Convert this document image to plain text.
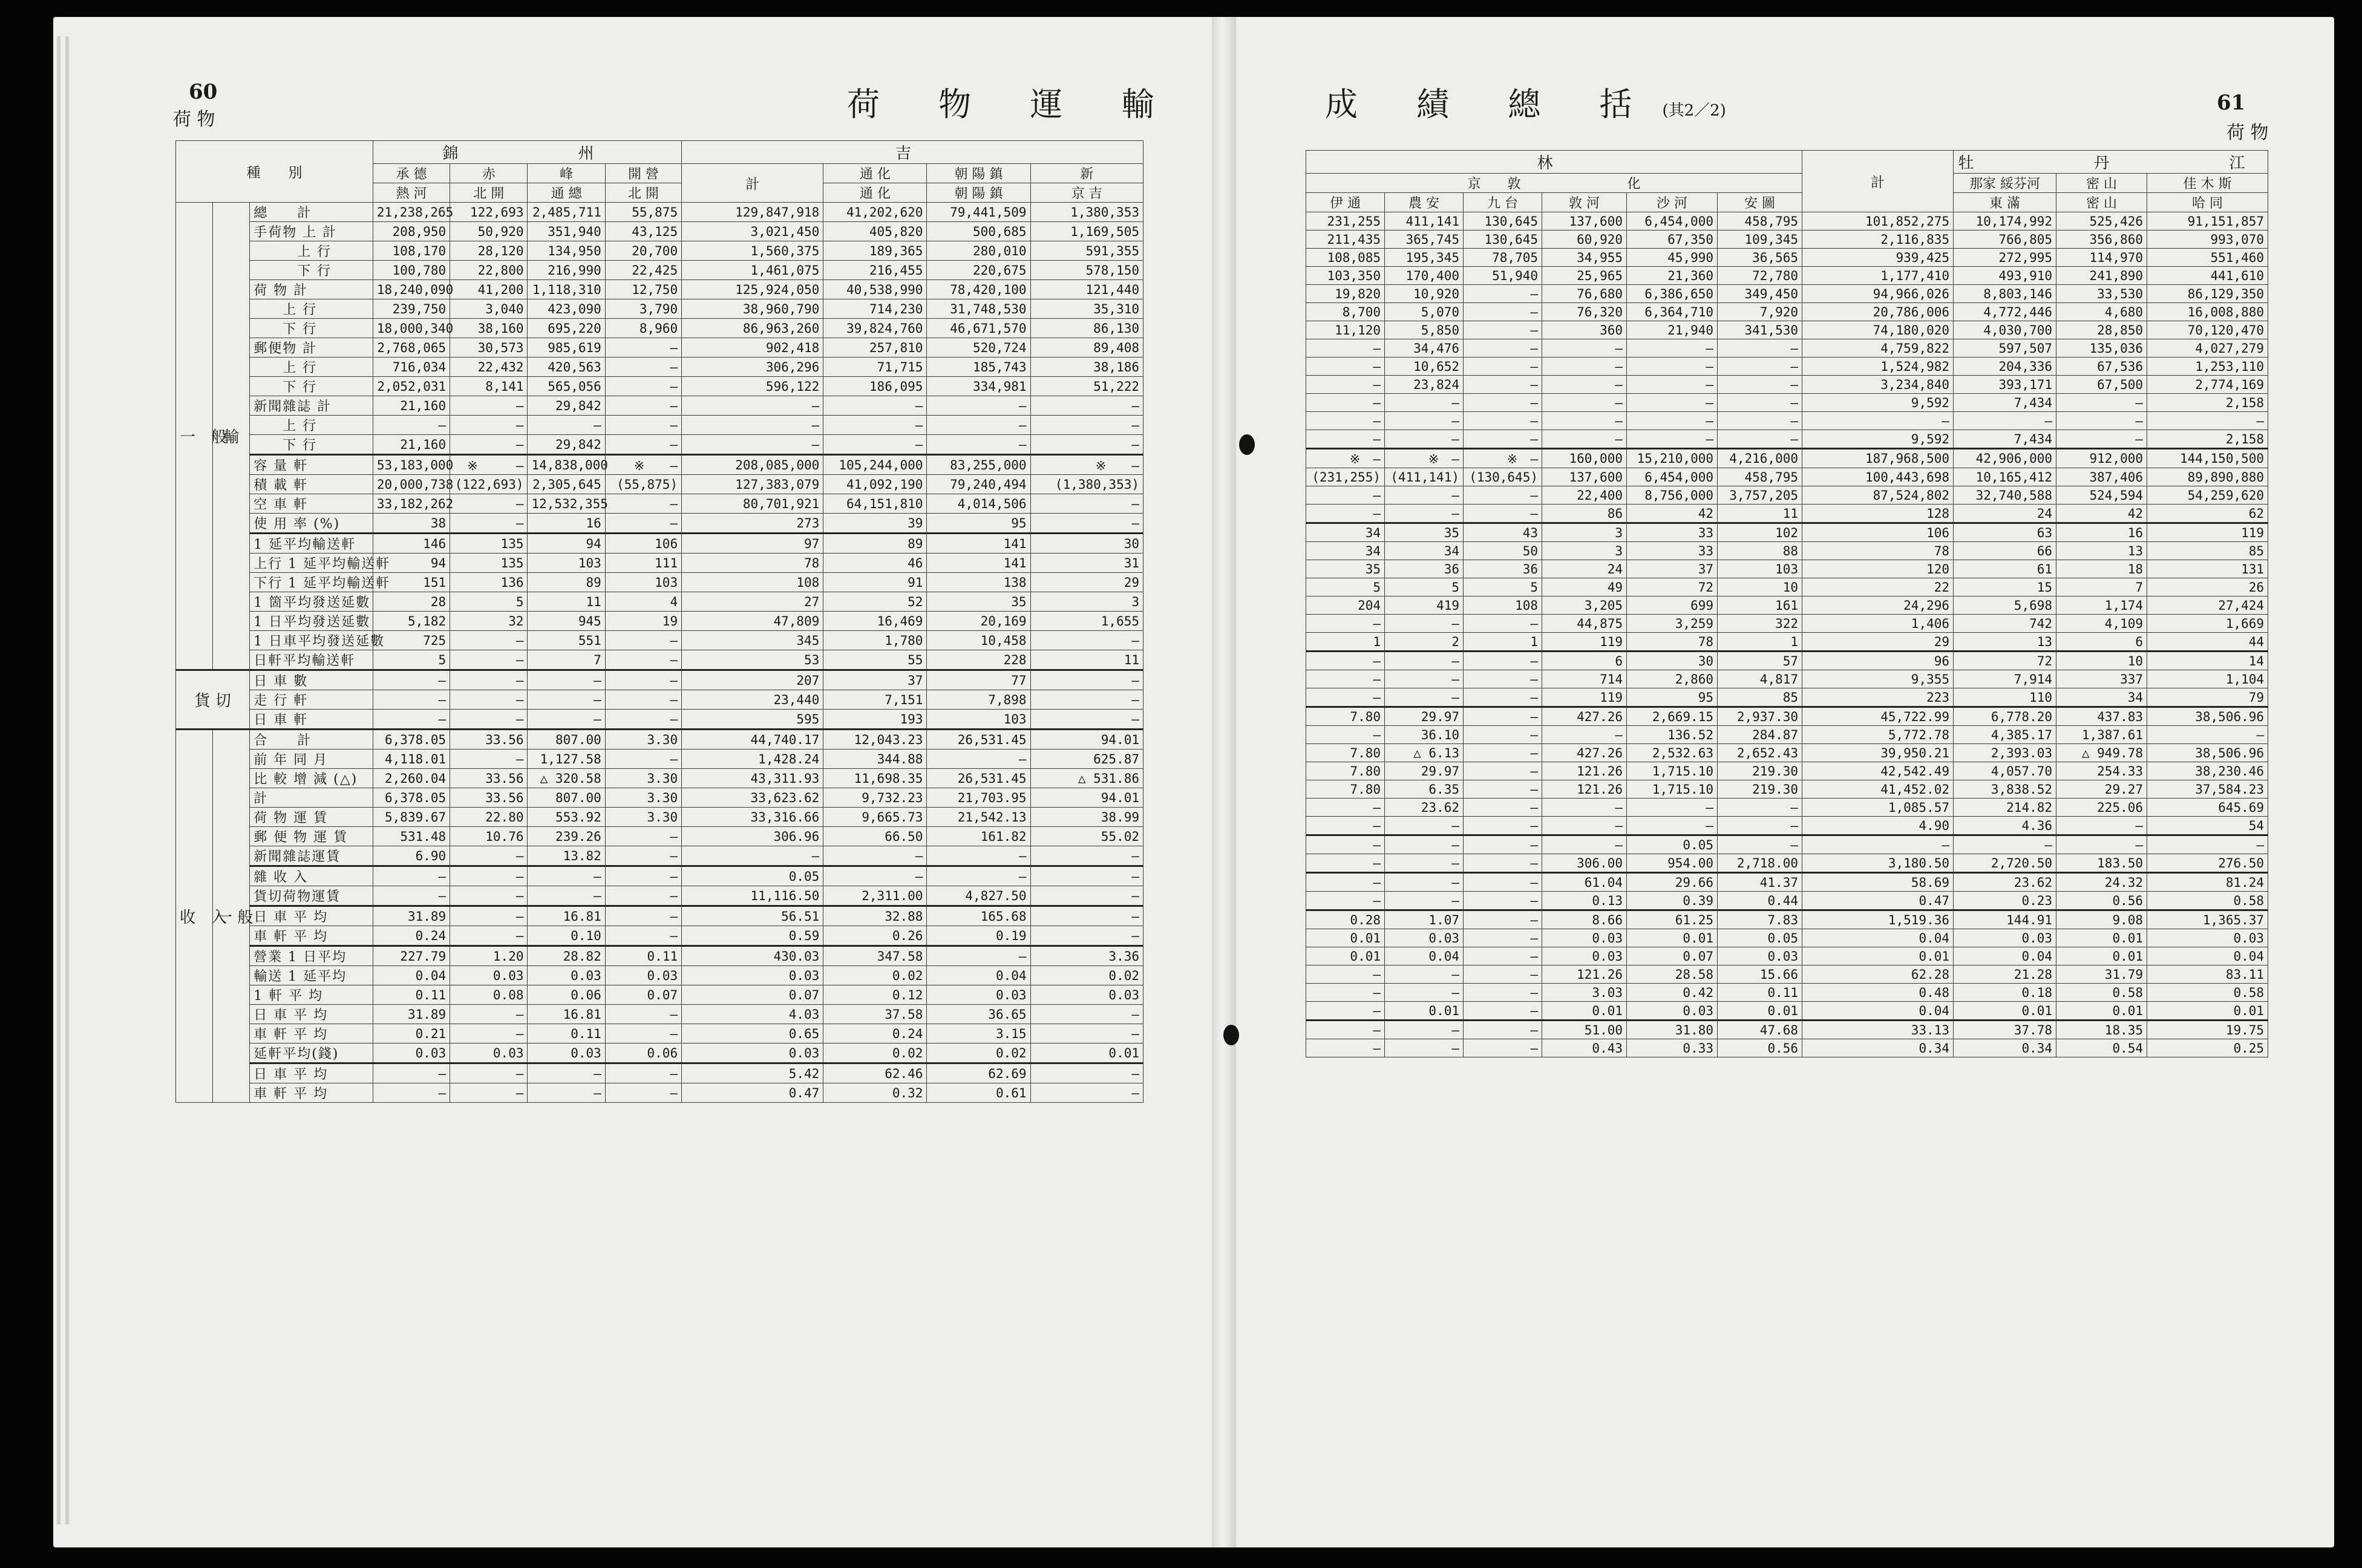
60
荷 物	荷 物 運 輸	成 績 總 括 (其2／2)	61
荷 物
種　　別			錦　　　州				吉			
			承 德	赤	峰	開 營	計	通 化	朝 陽 鎮	新
			熱 河	北 開	通 總	北 開		通 化	朝 陽 鎮	京 吉
一　般	輸	總　　計	21,238,265	122,693	2,485,711	55,875	129,847,918	41,202,620	79,441,509	1,380,353
		手荷物 上 計	208,950	50,920	351,940	43,125	3,021,450	405,820	500,685	1,169,505
		　　　上 行	108,170	28,120	134,950	20,700	1,560,375	189,365	280,010	591,355
		　　　下 行	100,780	22,800	216,990	22,425	1,461,075	216,455	220,675	578,150
		荷 物 計	18,240,090	41,200	1,118,310	12,750	125,924,050	40,538,990	78,420,100	121,440
		　　上 行	239,750	3,040	423,090	3,790	38,960,790	714,230	31,748,530	35,310
		　　下 行	18,000,340	38,160	695,220	8,960	86,963,260	39,824,760	46,671,570	86,130
		郵便物 計	2,768,065	30,573	985,619	—	902,418	257,810	520,724	89,408
		　　上 行	716,034	22,432	420,563	—	306,296	71,715	185,743	38,186
		　　下 行	2,052,031	8,141	565,056	—	596,122	186,095	334,981	51,222
		新聞雜誌 計	21,160	—	29,842	—	—	—	—	—
		　　上 行	—	—	—	—	—	—	—	—
		　　下 行	21,160	—	29,842	—	—	—	—	—
		容 量 軒	53,183,000	※　　　—	14,838,000	※　　—	208,085,000	105,244,000	83,255,000	※　　—
		積 載 軒	20,000,738	(122,693)	2,305,645	(55,875)	127,383,079	41,092,190	79,240,494	(1,380,353)
		空 車 軒	33,182,262	—	12,532,355	—	80,701,921	64,151,810	4,014,506	—
		使 用 率 (%)	38	—	16	—	273	39	95	—
		1 延平均輸送軒	146	135	94	106	97	89	141	30
		上行 1 延平均輸送軒	94	135	103	111	78	46	141	31
		下行 1 延平均輸送軒	151	136	89	103	108	91	138	29
		1 箇平均發送延數	28	5	11	4	27	52	35	3
		1 日平均發送延數	5,182	32	945	19	47,809	16,469	20,169	1,655
		1 日車平均發送延數	725	—	551	—	345	1,780	10,458	—
		日軒平均輸送軒	5	—	7	—	53	55	228	11
貨 切		日 車 數	—	—	—	—	207	37	77	—
		走 行 軒	—	—	—	—	23,440	7,151	7,898	—
		日 車 軒	—	—	—	—	595	193	103	—
收　入	一 般	合　　計	6,378.05	33.56	807.00	3.30	44,740.17	12,043.23	26,531.45	94.01
		前 年 同 月	4,118.01	—	1,127.58	—	1,428.24	344.88	—	625.87
		比 較 增 減 (△)	2,260.04	33.56	△ 320.58	3.30	43,311.93	11,698.35	26,531.45	△ 531.86
		計	6,378.05	33.56	807.00	3.30	33,623.62	9,732.23	21,703.95	94.01
		荷 物 運 賃	5,839.67	22.80	553.92	3.30	33,316.66	9,665.73	21,542.13	38.99
		郵 便 物 運 賃	531.48	10.76	239.26	—	306.96	66.50	161.82	55.02
		新聞雜誌運賃	6.90	—	13.82	—	—	—	—	—
		雜 收 入	—	—	—	—	0.05	—	—	—
		貨切荷物運賃	—	—	—	—	11,116.50	2,311.00	4,827.50	—
		日 車 平 均	31.89	—	16.81	—	56.51	32.88	165.68	—
		車 軒 平 均	0.24	—	0.10	—	0.59	0.26	0.19	—
		營業 1 日平均	227.79	1.20	28.82	0.11	430.03	347.58	—	3.36
		輸送 1 延平均	0.04	0.03	0.03	0.03	0.03	0.02	0.04	0.02
		1 軒 平 均	0.11	0.08	0.06	0.07	0.07	0.12	0.03	0.03
		日 車 平 均	31.89	—	16.81	—	4.03	37.58	36.65	—
		車 軒 平 均	0.21	—	0.11	—	0.65	0.24	3.15	—
		延軒平均(錢)	0.03	0.03	0.03	0.06	0.03	0.02	0.02	0.01
		日 車 平 均	—	—	—	—	5.42	62.46	62.69	—
		車 軒 平 均	—	—	—	—	0.47	0.32	0.61	—
林						計	牡　　　丹　　　江		
京　　敦　　　　　　　　化							那家 綏芬河	密 山	佳 木 斯
伊 通	農 安	九 台	敦 河	沙 河	安 圖		東 滿	密 山	哈 同
231,255	411,141	130,645	137,600	6,454,000	458,795	101,852,275	10,174,992	525,426	91,151,857
211,435	365,745	130,645	60,920	67,350	109,345	2,116,835	766,805	356,860	993,070
108,085	195,345	78,705	34,955	45,990	36,565	939,425	272,995	114,970	551,460
103,350	170,400	51,940	25,965	21,360	72,780	1,177,410	493,910	241,890	441,610
19,820	10,920	—	76,680	6,386,650	349,450	94,966,026	8,803,146	33,530	86,129,350
8,700	5,070	—	76,320	6,364,710	7,920	20,786,006	4,772,446	4,680	16,008,880
11,120	5,850	—	360	21,940	341,530	74,180,020	4,030,700	28,850	70,120,470
—	34,476	—	—	—	—	4,759,822	597,507	135,036	4,027,279
—	10,652	—	—	—	—	1,524,982	204,336	67,536	1,253,110
—	23,824	—	—	—	—	3,234,840	393,171	67,500	2,774,169
—	—	—	—	—	—	9,592	7,434	—	2,158
—	—	—	—	—	—	—	—	—	—
—	—	—	—	—	—	9,592	7,434	—	2,158
※　—	※　—	※　—	160,000	15,210,000	4,216,000	187,968,500	42,906,000	912,000	144,150,500
(231,255)	(411,141)	(130,645)	137,600	6,454,000	458,795	100,443,698	10,165,412	387,406	89,890,880
—	—	—	22,400	8,756,000	3,757,205	87,524,802	32,740,588	524,594	54,259,620
—	—	—	86	42	11	128	24	42	62
34	35	43	3	33	102	106	63	16	119
34	34	50	3	33	88	78	66	13	85
35	36	36	24	37	103	120	61	18	131
5	5	5	49	72	10	22	15	7	26
204	419	108	3,205	699	161	24,296	5,698	1,174	27,424
—	—	—	44,875	3,259	322	1,406	742	4,109	1,669
1	2	1	119	78	1	29	13	6	44
—	—	—	6	30	57	96	72	10	14
—	—	—	714	2,860	4,817	9,355	7,914	337	1,104
—	—	—	119	95	85	223	110	34	79
7.80	29.97	—	427.26	2,669.15	2,937.30	45,722.99	6,778.20	437.83	38,506.96
—	36.10	—	—	136.52	284.87	5,772.78	4,385.17	1,387.61	—
7.80	△ 6.13	—	427.26	2,532.63	2,652.43	39,950.21	2,393.03	△ 949.78	38,506.96
7.80	29.97	—	121.26	1,715.10	219.30	42,542.49	4,057.70	254.33	38,230.46
7.80	6.35	—	121.26	1,715.10	219.30	41,452.02	3,838.52	29.27	37,584.23
—	23.62	—	—	—	—	1,085.57	214.82	225.06	645.69
—	—	—	—	—	—	4.90	4.36	—	54
—	—	—	—	0.05	—	—	—	—	—
—	—	—	306.00	954.00	2,718.00	3,180.50	2,720.50	183.50	276.50
—	—	—	61.04	29.66	41.37	58.69	23.62	24.32	81.24
—	—	—	0.13	0.39	0.44	0.47	0.23	0.56	0.58
0.28	1.07	—	8.66	61.25	7.83	1,519.36	144.91	9.08	1,365.37
0.01	0.03	—	0.03	0.01	0.05	0.04	0.03	0.01	0.03
0.01	0.04	—	0.03	0.07	0.03	0.01	0.04	0.01	0.04
—	—	—	121.26	28.58	15.66	62.28	21.28	31.79	83.11
—	—	—	3.03	0.42	0.11	0.48	0.18	0.58	0.58
—	0.01	—	0.01	0.03	0.01	0.04	0.01	0.01	0.01
—	—	—	51.00	31.80	47.68	33.13	37.78	18.35	19.75
—	—	—	0.43	0.33	0.56	0.34	0.34	0.54	0.25
